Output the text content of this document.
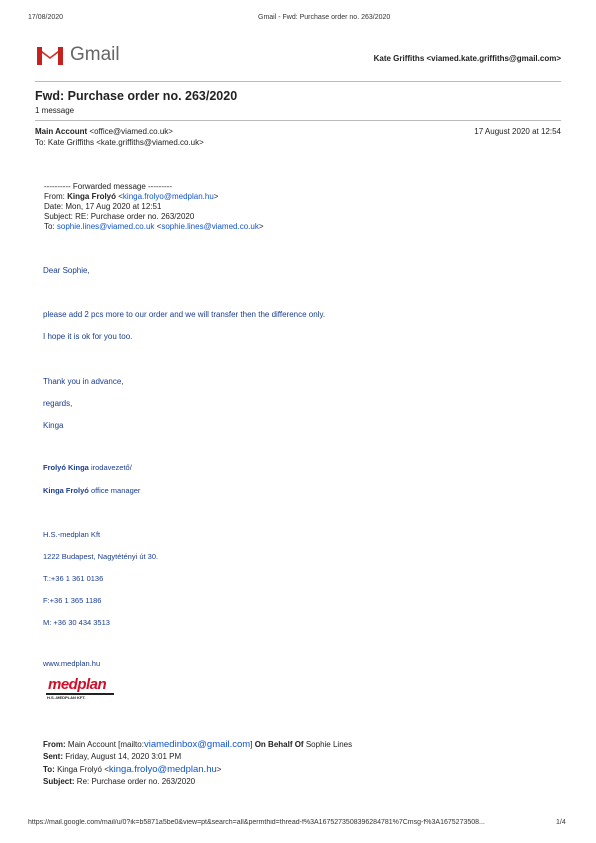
17/08/2020	Gmail - Fwd: Purchase order no. 263/2020
Gmail	Kate Griffiths <viamed.kate.griffiths@gmail.com>
Fwd: Purchase order no. 263/2020
1 message
Main Account <office@viamed.co.uk>	17 August 2020 at 12:54
To: Kate Griffiths <kate.griffiths@viamed.co.uk>
---------- Forwarded message ---------
From: Kinga Frolyó <kinga.frolyo@medplan.hu>
Date: Mon, 17 Aug 2020 at 12:51
Subject: RE: Purchase order no. 263/2020
To: sophie.lines@viamed.co.uk <sophie.lines@viamed.co.uk>
Dear Sophie,
please add 2 pcs more to our order and we will transfer then the difference only.
I hope it is ok for you too.
Thank you in advance,
regards,
Kinga
Frolyó Kinga irodavezető/
Kinga Frolyó office manager
H.S.-medplan Kft
1222 Budapest, Nagytétényi út 30.
T.:+36 1 361 0136
F:+36 1 365 1186
M: +36 30 434 3513
www.medplan.hu
medplan
H.S.-MEDPLAN KFT.
From: Main Account [mailto:viamedinbox@gmail.com] On Behalf Of Sophie Lines
Sent: Friday, August 14, 2020 3:01 PM
To: Kinga Frolyó <kinga.frolyo@medplan.hu>
Subject: Re: Purchase order no. 263/2020
https://mail.google.com/mail/u/0?ik=b5871a5be0&view=pt&search=all&permthid=thread-f%3A1675273508396284781%7Cmsg-f%3A1675273508...	1/4
